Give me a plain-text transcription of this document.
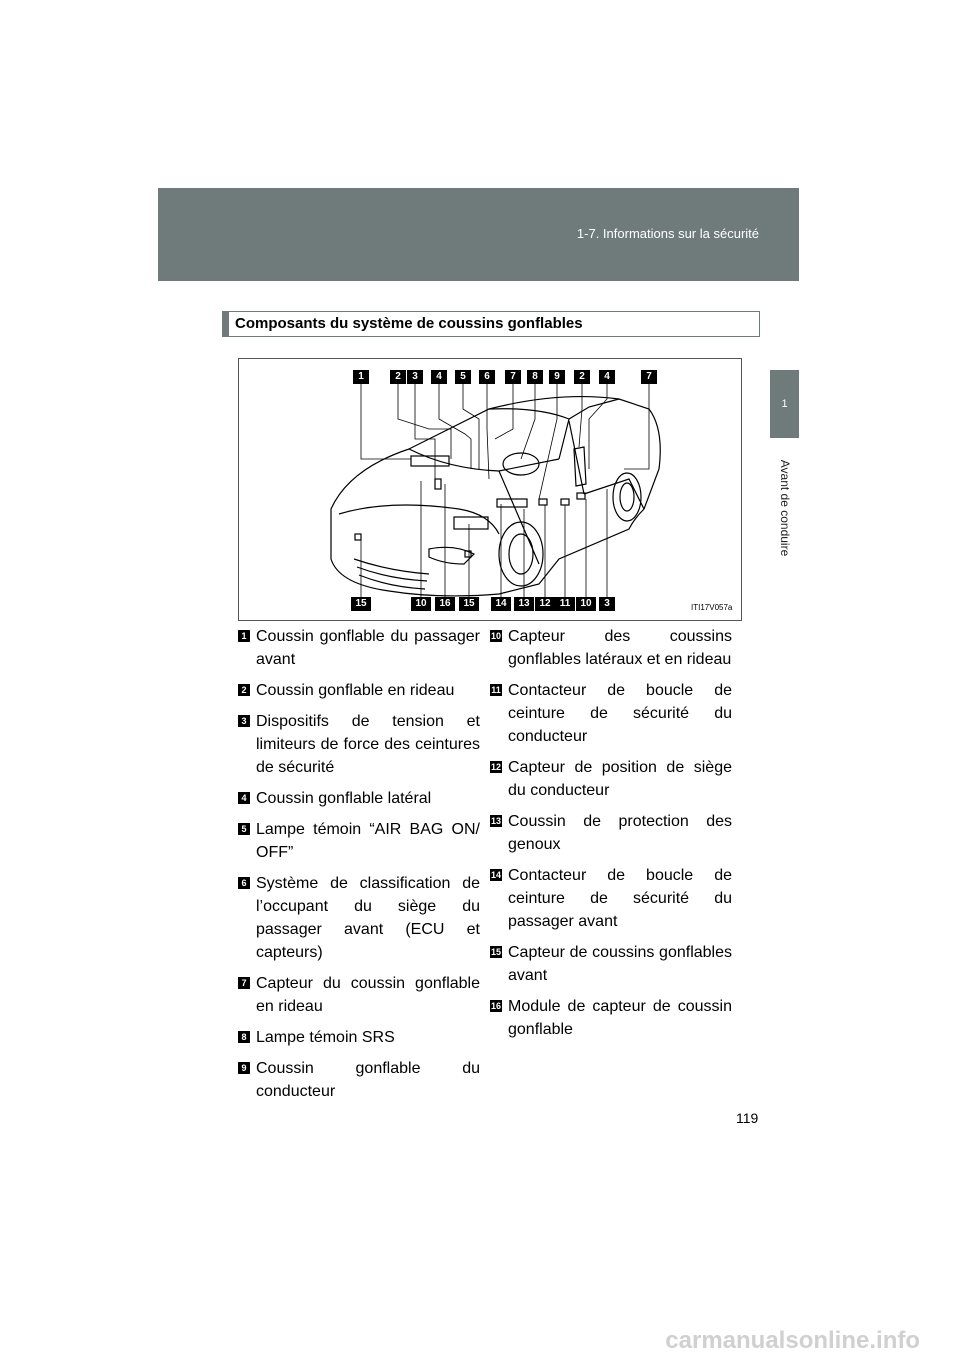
1-7. Informations sur la sécurité
1
Avant de conduire
Composants du système de coussins gonflables
1	2	3	4	5	6	7	8	9	2	4	7
15	10	16	15	14	13 12 11	10	3	ITI17V057a
1 Coussin gonflable du passager avant
2 Coussin gonflable en rideau
3 Dispositifs de tension et limiteurs de force des ceintures de sécurité
4 Coussin gonflable latéral
5 Lampe témoin “AIR BAG ON/ OFF”
6 Système de classification de l’occupant du siège du passager avant (ECU et capteurs)
7 Capteur du coussin gonflable en rideau
8 Lampe témoin SRS
9 Coussin gonflable du conducteur
10 Capteur des coussins gonflables latéraux et en rideau
11 Contacteur de boucle de ceinture de sécurité du conducteur
12 Capteur de position de siège du conducteur
13 Coussin de protection des genoux
14 Contacteur de boucle de ceinture de sécurité du passager avant
15 Capteur de coussins gonflables avant
16 Module de capteur de coussin gonflable
119
carmanualsonline.info
